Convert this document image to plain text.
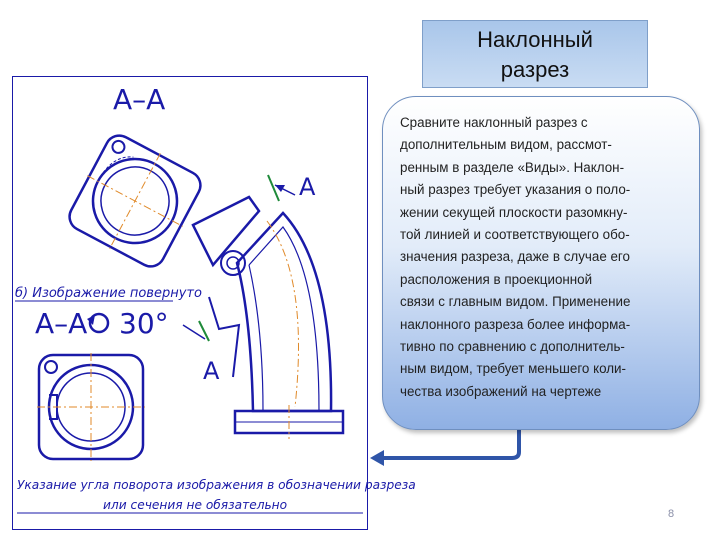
А–А
А
А
б) Изображение повернуто
А–А 30°
Указание угла поворота изображения в обозначении разреза
или сечения не обязательно
Наклонный
разрез
Сравните наклонный разрез с
дополнительным видом, рассмот-
ренным в разделе «Виды». Наклон-
ный разрез требует указания о поло-
жении секущей плоскости разомкну-
той линией и соответствующего обо-
значения разреза, даже в случае его
расположения в проекционной
связи с главным видом. Применение
наклонного разреза более информа-
тивно по сравнению с дополнитель-
ным видом, требует меньшего коли-
чества изображений на чертеже
8
